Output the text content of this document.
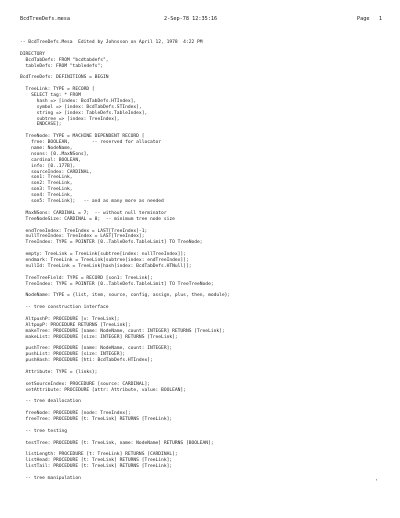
BcdTreeDefs.mesa	2-Sep-78 12:35:16	Page 1
-- BcdTreeDefs.Mesa  Edited by Johnsson on April 12, 1978  4:22 PM
DIRECTORY
BcdTabDefs: FROM "bcdtabdefs",
tableDefs: FROM "tabledefs";
BcdTreeDefs: DEFINITIONS = BEGIN
TreeLink: TYPE = RECORD [
SELECT tag: * FROM
hash => [index: BcdTabDefs.HTIndex],
symbol => [index: BcdTabDefs.STIndex],
string => [index: TableDefs.TableIndex],
subtree => [index: TreeIndex],
ENDCASE];
TreeNode: TYPE = MACHINE DEPENDENT RECORD [
free: BOOLEAN,        -- reserved for allocator
name: NodeName,
nsons: [0..MaxNSons],
cardinal: BOOLEAN,
info: [0..177B],
sourceIndex: CARDINAL,
son1: TreeLink,
son2: TreeLink,
son3: TreeLink,
son4: TreeLink,
son5: TreeLink];   -- and as many more as needed
MaxNSons: CARDINAL = 7;  -- without null terminator
TreeNodeSize: CARDINAL = 8;  -- minimum tree node size
endTreeIndex: TreeIndex = LAST[TreeIndex]-1;
nullTreeIndex: TreeIndex = LAST[TreeIndex];
TreeIndex: TYPE = POINTER [0..TableDefs.TableLimit] TO TreeNode;
empty: TreeLink = TreeLink[subtree[index: nullTreeIndex]];
endmark: TreeLink = TreeLink[subtree[index: endTreeIndex]];
nullId: TreeLink = TreeLink[hash[index: BcdTabDefs.HTNull]];
TreeTreeField: TYPE = RECORD [son1: TreeLink];
TreeIndex: TYPE = POINTER [0..TableDefs.TableLimit] TO TreeTreeNode;
NodeName: TYPE = {list, item, source, config, assign, plus, then, module};
-- tree construction interface
AltpushP: PROCEDURE [v: TreeLink];
AltpopP: PROCEDURE RETURNS [TreeLink];
makeTree: PROCEDURE [name: NodeName, count: INTEGER] RETURNS [TreeLink];
makeList: PROCEDURE [size: INTEGER] RETURNS [TreeLink];
pushTree: PROCEDURE [name: NodeName, count: INTEGER];
pushList: PROCEDURE [size: INTEGER];
pushHash: PROCEDURE [hti: BcdTabDefs.HTIndex];
Attribute: TYPE = {links};
setSourceIndex: PROCEDURE [source: CARDINAL];
setAttribute: PROCEDURE [attr: Attribute, value: BOOLEAN];
-- tree deallocation
freeNode: PROCEDURE [node: TreeIndex];
freeTree: PROCEDURE [t: TreeLink] RETURNS [TreeLink];
-- tree testing
testTree: PROCEDURE [t: TreeLink, name: NodeName] RETURNS [BOOLEAN];
listLength: PROCEDURE [t: TreeLink] RETURNS [CARDINAL];
listHead: PROCEDURE [t: TreeLink] RETURNS [TreeLink];
listTail: PROCEDURE [t: TreeLink] RETURNS [TreeLink];
-- tree manipulation
'
